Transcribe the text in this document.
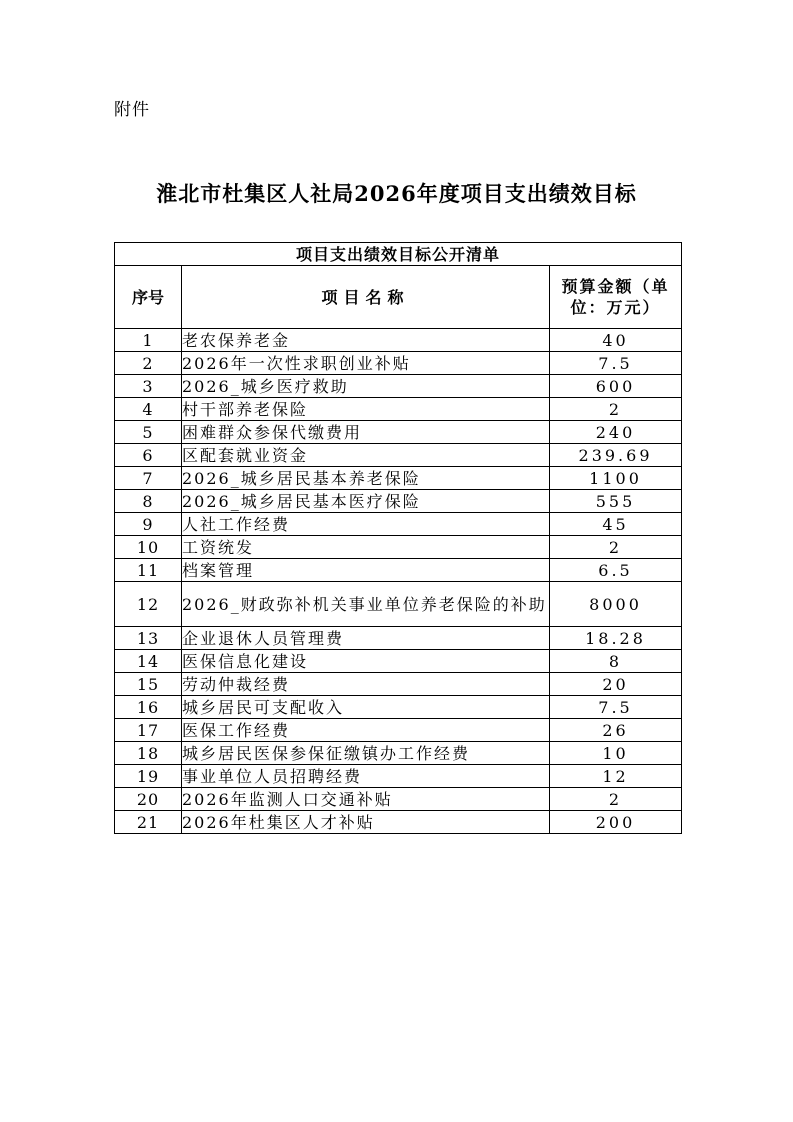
附件
淮北市杜集区人社局2026年度项目支出绩效目标
项目支出绩效目标公开清单		
序号	项目名称	预算金额（单位：万元）
1	老农保养老金	40
2	2026年一次性求职创业补贴	7.5
3	2026_城乡医疗救助	600
4	村干部养老保险	2
5	困难群众参保代缴费用	240
6	区配套就业资金	239.69
7	2026_城乡居民基本养老保险	1100
8	2026_城乡居民基本医疗保险	555
9	人社工作经费	45
10	工资统发	2
11	档案管理	6.5
12	2026_财政弥补机关事业单位养老保险的补助	8000
13	企业退休人员管理费	18.28
14	医保信息化建设	8
15	劳动仲裁经费	20
16	城乡居民可支配收入	7.5
17	医保工作经费	26
18	城乡居民医保参保征缴镇办工作经费	10
19	事业单位人员招聘经费	12
20	2026年监测人口交通补贴	2
21	2026年杜集区人才补贴	200
